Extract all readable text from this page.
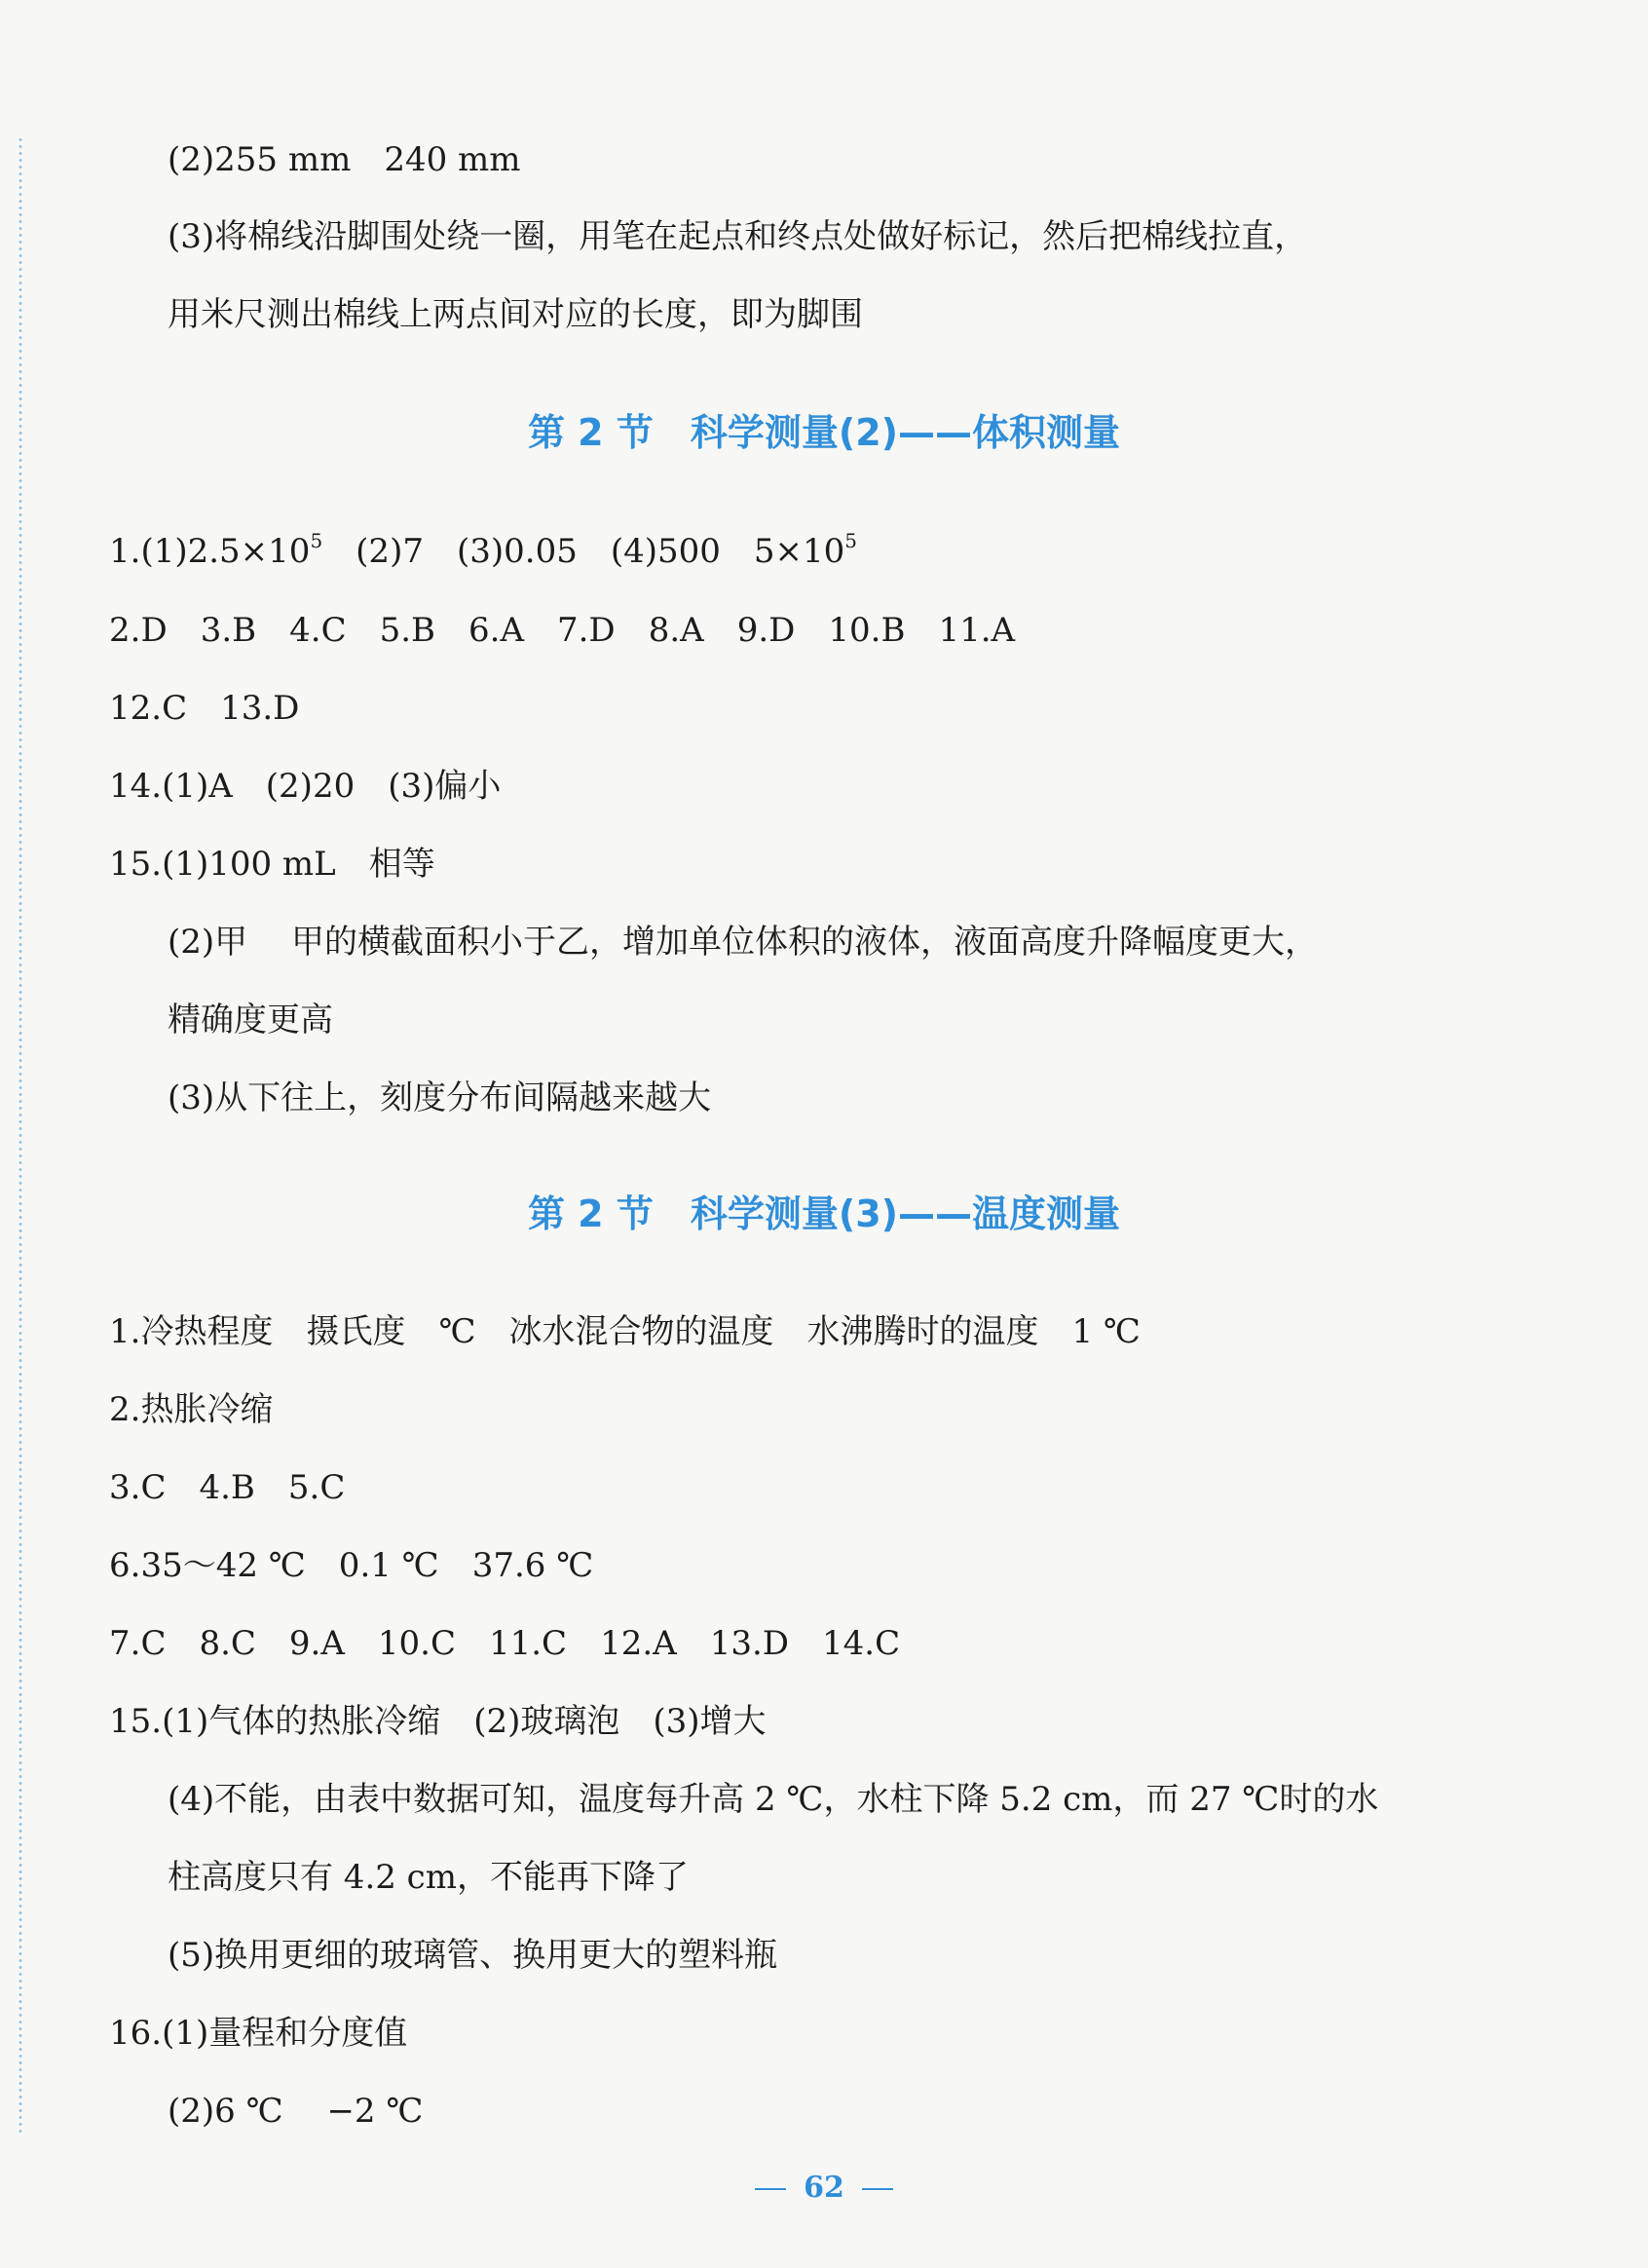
(2)255 mm　240 mm
(3)将棉线沿脚围处绕一圈，用笔在起点和终点处做好标记，然后把棉线拉直，
用米尺测出棉线上两点间对应的长度，即为脚围
第 2 节　科学测量(2)——体积测量
$1.(1)2.5\times 10^5$　(2)7　(3)0.05　(4)500　$5\times 10^5$
2.D　3.B　4.C　5.B　6.A　7.D　8.A　9.D　10.B　11.A
12.C　13.D
14.(1)A　(2)20　(3)偏小
15.(1)100 mL　相等
(2)甲　 甲的横截面积小于乙，增加单位体积的液体，液面高度升降幅度更大，
精确度更高
(3)从下往上，刻度分布间隔越来越大
第 2 节　科学测量(3)——温度测量
1.冷热程度　摄氏度　℃　冰水混合物的温度　水沸腾时的温度　1 ℃
2.热胀冷缩
3.C　4.B　5.C
6.35～42 ℃　0.1 ℃　37.6 ℃
7.C　8.C　9.A　10.C　11.C　12.A　13.D　14.C
15.(1)气体的热胀冷缩　(2)玻璃泡　(3)增大
(4)不能，由表中数据可知，温度每升高 2 ℃，水柱下降 5.2 cm，而 27 ℃时的水
柱高度只有 4.2 cm，不能再下降了
(5)换用更细的玻璃管、换用更大的塑料瓶
16.(1)量程和分度值
(2)6 ℃　 −2 ℃
62
